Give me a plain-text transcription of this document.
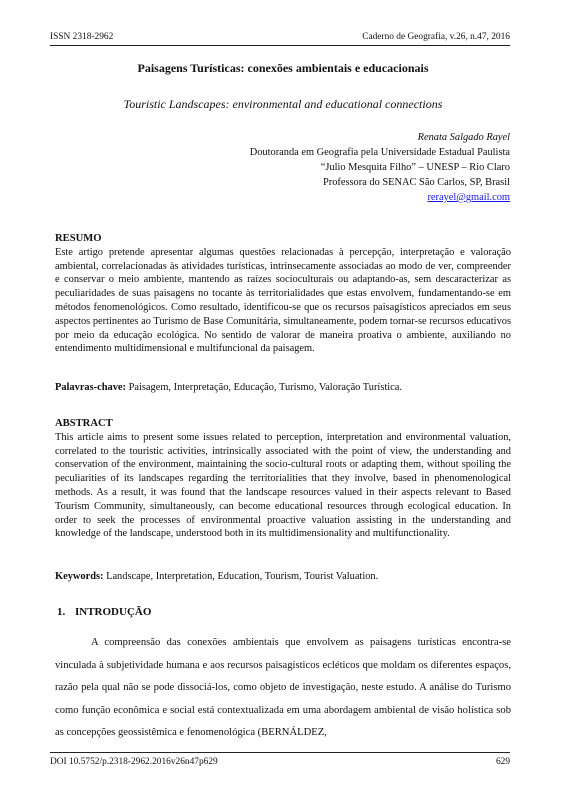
ISSN 2318-2962	Caderno de Geografia, v.26, n.47, 2016
Paisagens Turísticas: conexões ambientais e educacionais
Touristic Landscapes: environmental and educational connections
Renata Salgado Rayel
Doutoranda em Geografia pela Universidade Estadual Paulista
“Julio Mesquita Filho” – UNESP – Rio Claro
Professora do SENAC São Carlos, SP, Brasil
rerayel@gmail.com
RESUMO
Este artigo pretende apresentar algumas questões relacionadas à percepção, interpretação e valoração ambiental, correlacionadas às atividades turísticas, intrinsecamente associadas ao modo de ver, compreender e conservar o meio ambiente, mantendo as raízes socioculturais ou adaptando-as, sem descaracterizar as peculiaridades de suas paisagens no tocante às territorialidades que estas envolvem, fundamentando-se em métodos fenomenológicos. Como resultado, identificou-se que os recursos paisagísticos apreciados em seus aspectos pertinentes ao Turismo de Base Comunitária, simultaneamente, podem tornar-se recursos educativos por meio da educação ecológica. No sentido de valorar de maneira proativa o ambiente, auxiliando no entendimento multidimensional e multifuncional da paisagem.
Palavras-chave: Paisagem, Interpretação, Educação, Turismo, Valoração Turística.
ABSTRACT
This article aims to present some issues related to perception, interpretation and environmental valuation, correlated to the touristic activities, intrinsically associated with the point of view, the understanding and conservation of the environment, maintaining the socio-cultural roots or adapting them, without spoiling the peculiarities of its landscapes regarding the territorialities that they involve, based in phenomenological methods. As a result, it was found that the landscape resources valued in their aspects relevant to Based Tourism Community, simultaneously, can become educational resources through ecological education. In order to seek the processes of environmental proactive valuation assisting in the understanding and knowledge of the landscape, understood both in its multidimensionality and multifunctionality.
Keywords: Landscape, Interpretation, Education, Tourism, Tourist Valuation.
1. INTRODUÇÃO
A compreensão das conexões ambientais que envolvem as paisagens turísticas encontra-se vinculada à subjetividade humana e aos recursos paisagísticos ecléticos que moldam os diferentes espaços, razão pela qual não se pode dissociá-los, como objeto de investigação, neste estudo. A análise do Turismo como função econômica e social está contextualizada em uma abordagem ambiental de visão holística sob as concepções geossistêmica e fenomenológica (BERNÁLDEZ,
DOI 10.5752/p.2318-2962.2016v26n47p629	629
